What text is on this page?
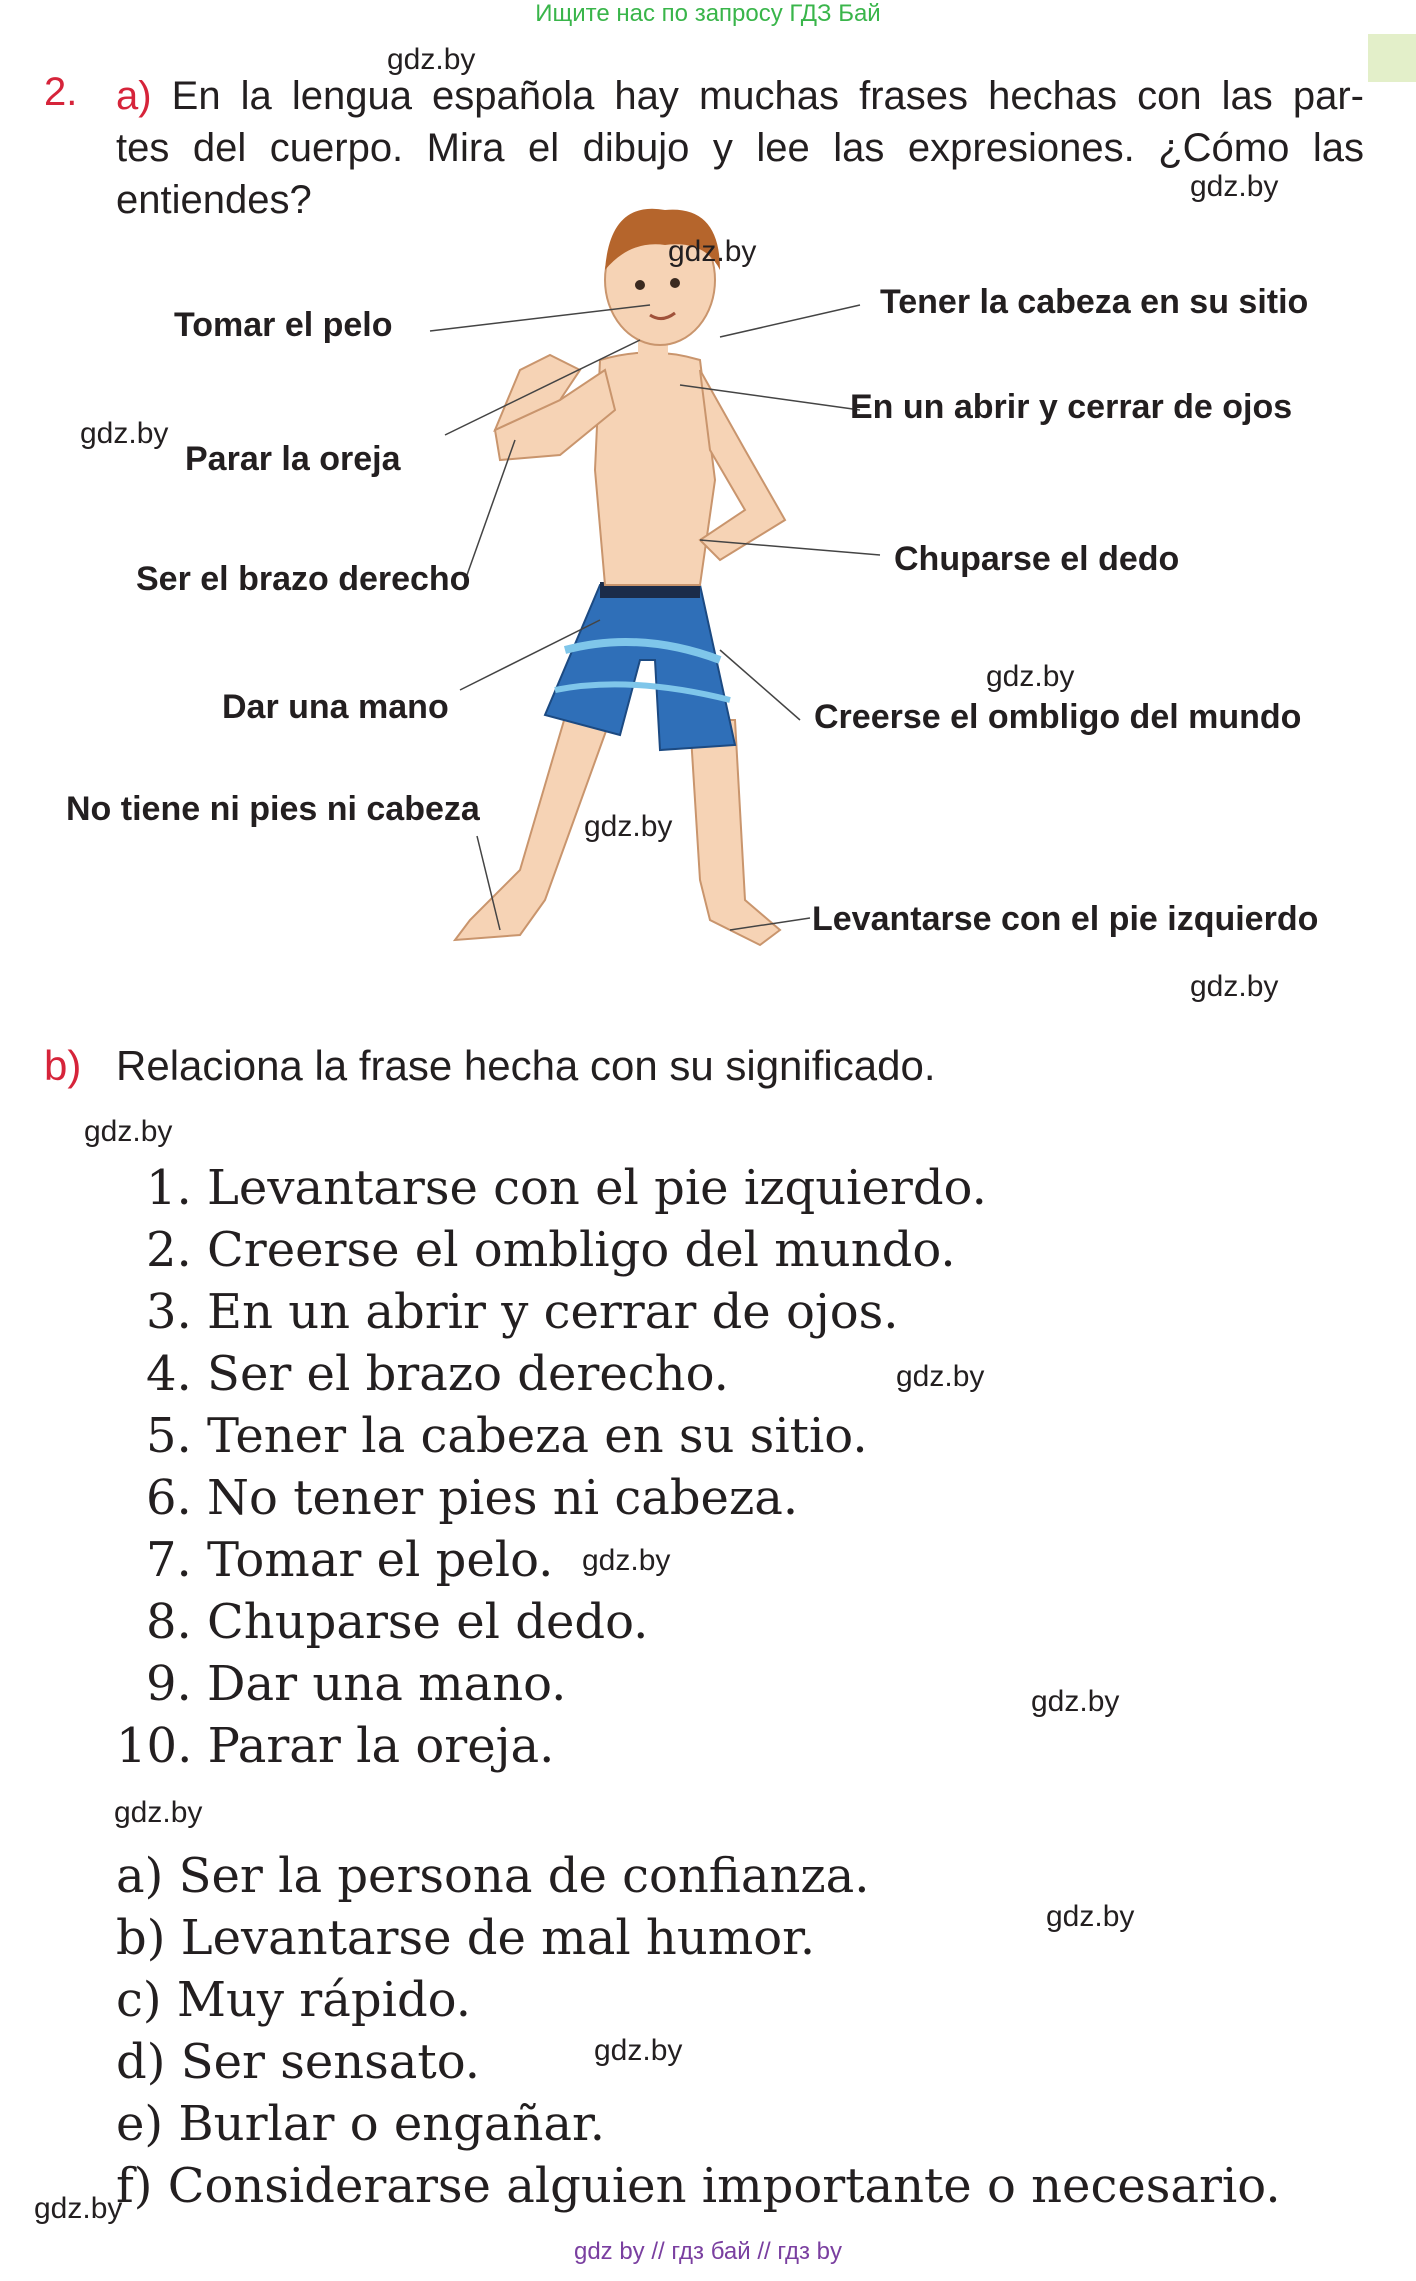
Ищите нас по запросу ГДЗ Бай
2. a) En la lengua española hay muchas frases hechas con las par-
tes del cuerpo. Mira el dibujo y lee las expresiones. ¿Cómo las
entiendes?
Tomar el pelo
Tener la cabeza en su sitio
En un abrir y cerrar de ojos
Parar la oreja
Chuparse el dedo
Ser el brazo derecho
Dar una mano	Creerse el ombligo del mundo
No tiene ni pies ni cabeza
Levantarse con el pie izquierdo
gdz.by
gdz.by
gdz.by
gdz.by
gdz.by
gdz.by
gdz.by
gdz.by
gdz.by
gdz.by
gdz.by
gdz.by
gdz.by
gdz.by
gdz.by
b) Relaciona la frase hecha con su significado.
1. Levantarse con el pie izquierdo.
2. Creerse el ombligo del mundo.
3. En un abrir y cerrar de ojos.
4. Ser el brazo derecho.
5. Tener la cabeza en su sitio.
6. No tener pies ni cabeza.
7. Tomar el pelo.
8. Chuparse el dedo.
9. Dar una mano.
10. Parar la oreja.
a) Ser la persona de confianza.
b) Levantarse de mal humor.
c) Muy rápido.
d) Ser sensato.
e) Burlar o engañar.
f) Considerarse alguien importante o necesario.
gdz by // гдз бай // гдз by
